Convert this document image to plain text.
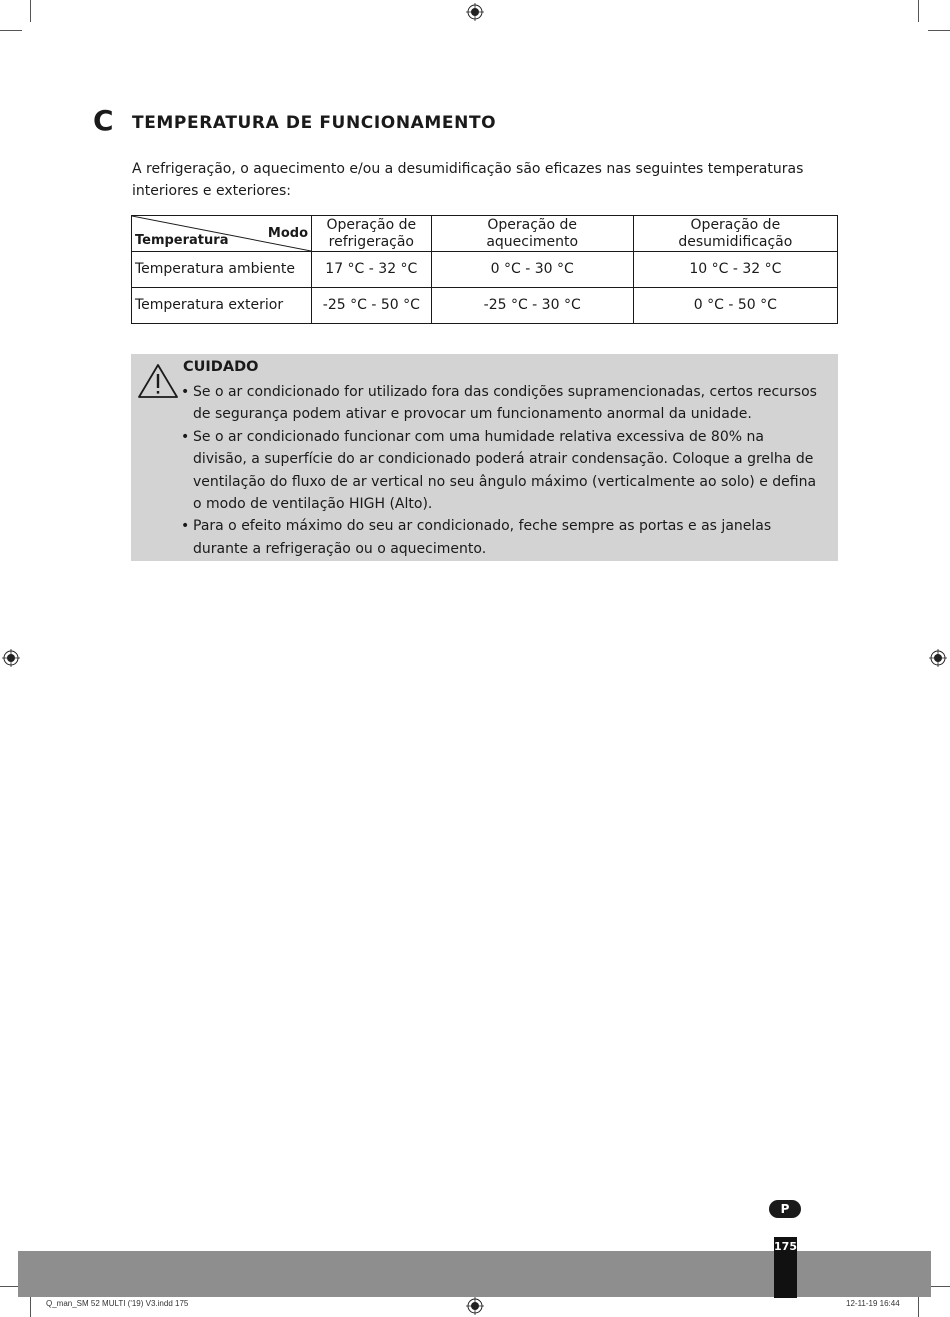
C TEMPERATURA DE FUNCIONAMENTO
A refrigeração, o aquecimento e/ou a desumidificação são eficazes nas seguintes temperaturas interiores e exteriores:
Modo
Temperatura	Operação de refrigeração	Operação de aquecimento	Operação de desumidificação
Temperatura ambiente	17 °C - 32 °C	0 °C - 30 °C	10 °C - 32 °C
Temperatura exterior	-25 °C - 50 °C	-25 °C - 30 °C	0 °C - 50 °C
CUIDADO
• Se o ar condicionado for utilizado fora das condições supramencionadas, certos recursos de segurança podem ativar e provocar um funcionamento anormal da unidade.
• Se o ar condicionado funcionar com uma humidade relativa excessiva de 80% na divisão, a superfície do ar condicionado poderá atrair condensação. Coloque a grelha de ventilação do fluxo de ar vertical no seu ângulo máximo (verticalmente ao solo) e defina o modo de ventilação HIGH (Alto).
• Para o efeito máximo do seu ar condicionado, feche sempre as portas e as janelas durante a refrigeração ou o aquecimento.
P
175
Q_man_SM 52 MULTI ('19) V3.indd 175	12-11-19 16:44
